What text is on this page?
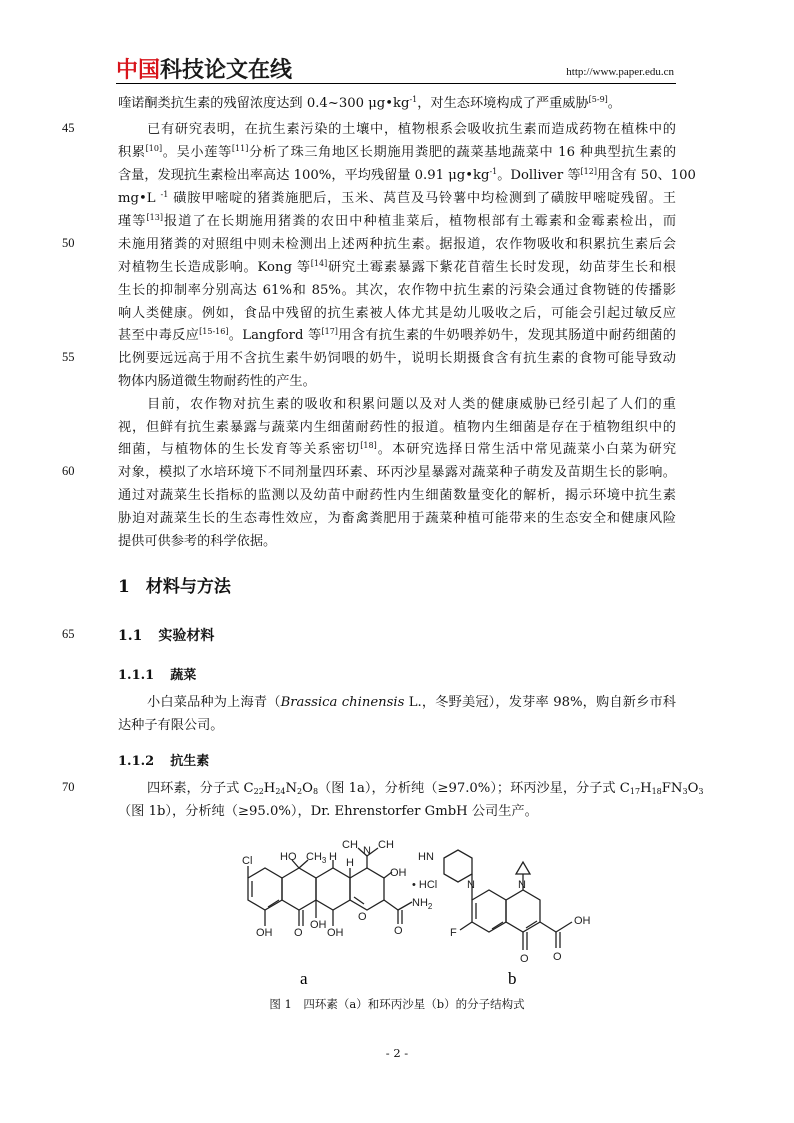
中国科技论文在线	http://www.paper.edu.cn
45
50
55
60
65
70
喹诺酮类抗生素的残留浓度达到 0.4~300 $\mu g•kg^{-1}$，对生态环境构成了严重威胁[5-9]。
已有研究表明，在抗生素污染的土壤中，植物根系会吸收抗生素而造成药物在植株中的
积累[10]。吴小莲等[11]分析了珠三角地区长期施用粪肥的蔬菜基地蔬菜中 16 种典型抗生素的
含量，发现抗生素检出率高达 100%，平均残留量 0.91 $\mu g•kg^{-1}$。Dolliver 等[12]用含有 50、100
mg•L $^{-1}$ 磺胺甲嘧啶的猪粪施肥后，玉米、莴苣及马铃薯中均检测到了磺胺甲嘧啶残留。王
瑾等[13]报道了在长期施用猪粪的农田中种植韭菜后，植物根部有土霉素和金霉素检出，而
未施用猪粪的对照组中则未检测出上述两种抗生素。据报道，农作物吸收和积累抗生素后会
对植物生长造成影响。Kong 等[14]研究土霉素暴露下紫花苜蓿生长时发现，幼苗芽生长和根
生长的抑制率分别高达 61%和 85%。其次，农作物中抗生素的污染会通过食物链的传播影
响人类健康。例如，食品中残留的抗生素被人体尤其是幼儿吸收之后，可能会引起过敏反应
甚至中毒反应[15-16]。Langford 等[17]用含有抗生素的牛奶喂养奶牛，发现其肠道中耐药细菌的
比例要远远高于用不含抗生素牛奶饲喂的奶牛，说明长期摄食含有抗生素的食物可能导致动
物体内肠道微生物耐药性的产生。
目前，农作物对抗生素的吸收和积累问题以及对人类的健康威胁已经引起了人们的重
视，但鲜有抗生素暴露与蔬菜内生细菌耐药性的报道。植物内生细菌是存在于植物组织中的
细菌，与植物体的生长发育等关系密切[18]。本研究选择日常生活中常见蔬菜小白菜为研究
对象，模拟了水培环境下不同剂量四环素、环丙沙星暴露对蔬菜种子萌发及苗期生长的影响。
通过对蔬菜生长指标的监测以及幼苗中耐药性内生细菌数量变化的解析，揭示环境中抗生素
胁迫对蔬菜生长的生态毒性效应，为畜禽粪肥用于蔬菜种植可能带来的生态安全和健康风险
提供可供参考的科学依据。
1 材料与方法
1.1 实验材料
1.1.1 蔬菜
小白菜品种为上海青（Brassica chinensis L.，冬野美冠），发芽率 98%，购自新乡市科
达种子有限公司。
1.1.2 抗生素
四环素，分子式 $C_{22}H_{24}N_2O_8$（图 1a），分析纯（≥97.0%）；环丙沙星，分子式 $C_{17}H_{18}FN_3O_3$
（图 1b），分析纯（≥95.0%），Dr. Ehrenstorfer GmbH 公司生产。
Cl
OH O OH
OH	O
$NH_2$
OH
N
CH CH
HO $CH_3$ H H
O
• HCl
HN
N	N
F
O O
OH
a	b
图 1　四环素（a）和环丙沙星（b）的分子结构式
- 2 -
